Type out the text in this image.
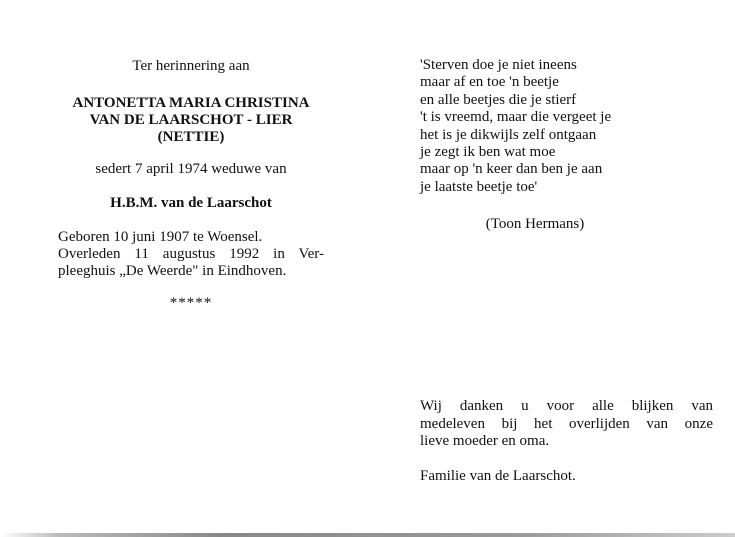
Ter herinnering aan
ANTONETTA MARIA CHRISTINA
VAN DE LAARSCHOT - LIER
(NETTIE)
sedert 7 april 1974 weduwe van
H.B.M. van de Laarschot
Geboren 10 juni 1907 te Woensel.
Overleden 11 augustus 1992 in Ver-
pleeghuis „De Weerde" in Eindhoven.
*****
'Sterven doe je niet ineens
maar af en toe 'n beetje
en alle beetjes die je stierf
't is vreemd, maar die vergeet je
het is je dikwijls zelf ontgaan
je zegt ik ben wat moe
maar op 'n keer dan ben je aan
je laatste beetje toe'
(Toon Hermans)
Wij danken u voor alle blijken van
medeleven bij het overlijden van onze
lieve moeder en oma.
Familie van de Laarschot.
